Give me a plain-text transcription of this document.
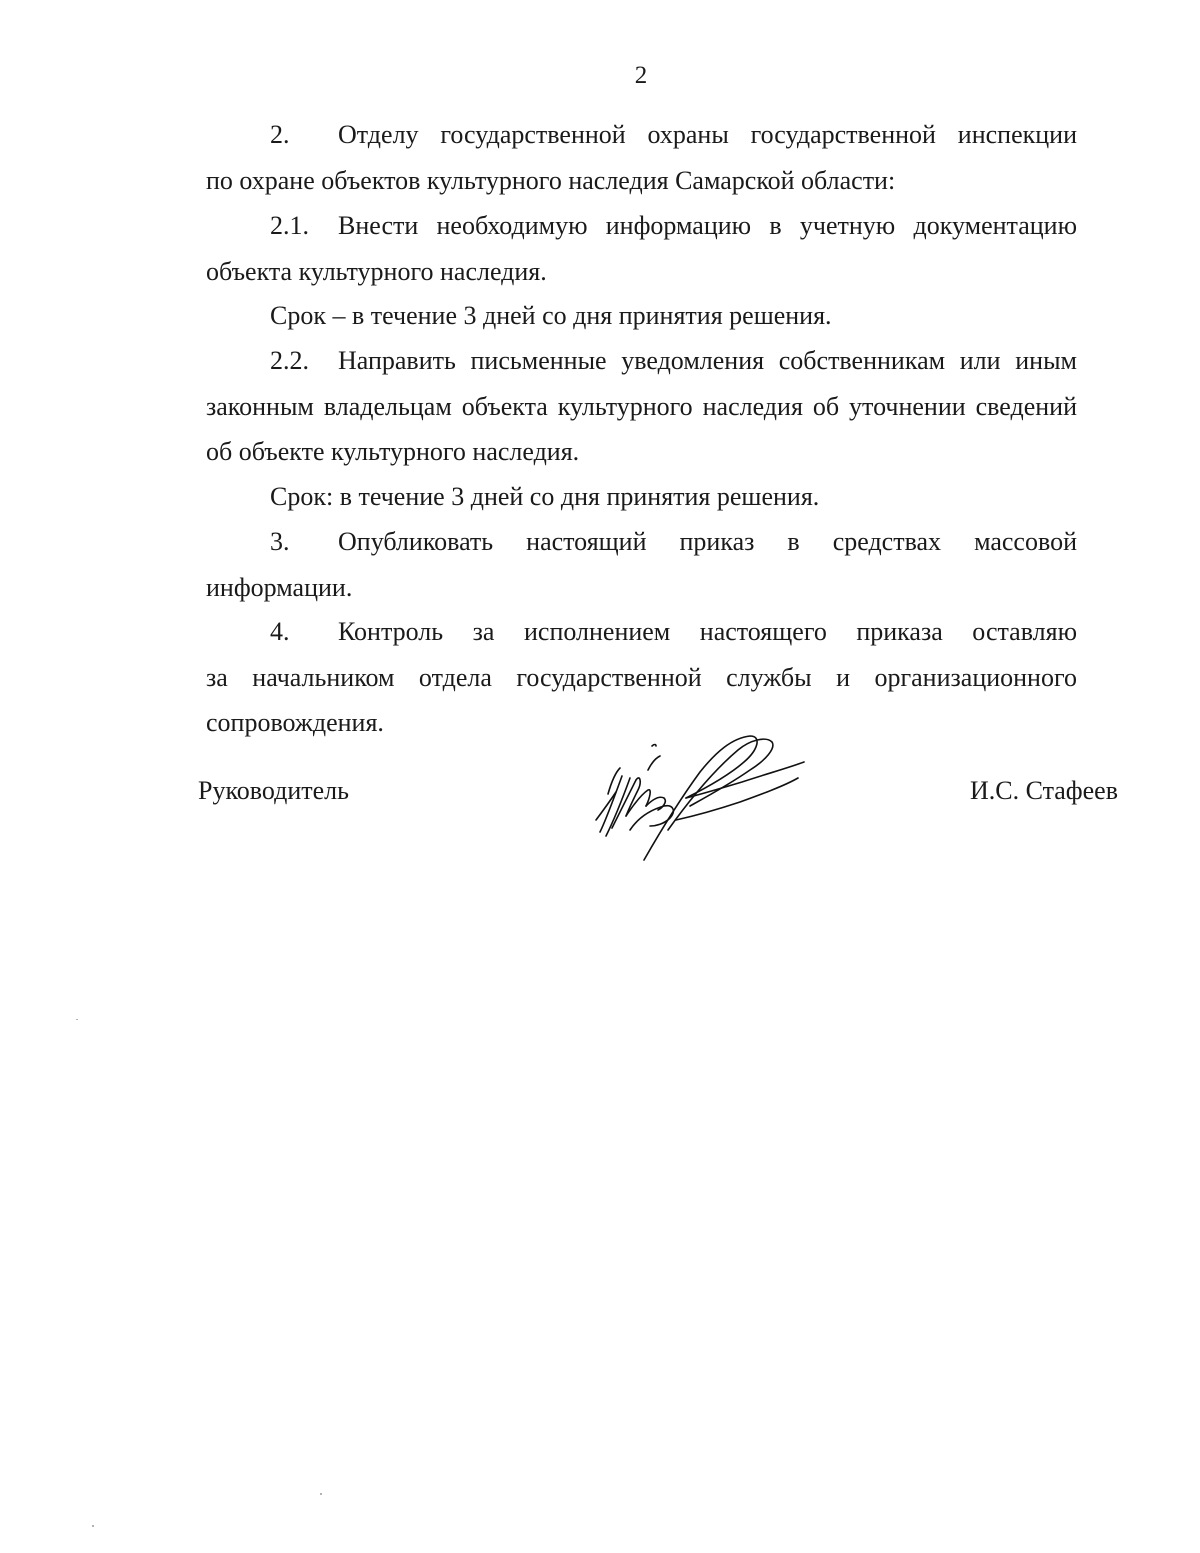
2
2. Отделу государственной охраны государственной инспекции
по охране объектов культурного наследия Самарской области:
2.1. Внести необходимую информацию в учетную документацию
объекта культурного наследия.
Срок – в течение 3 дней со дня принятия решения.
2.2. Направить письменные уведомления собственникам или иным
законным владельцам объекта культурного наследия об уточнении сведений
об объекте культурного наследия.
Срок: в течение 3 дней со дня принятия решения.
3. Опубликовать настоящий приказ в средствах массовой
информации.
4. Контроль за исполнением настоящего приказа оставляю
за начальником отдела государственной службы и организационного
сопровождения.
Руководитель	И.С. Стафеев
